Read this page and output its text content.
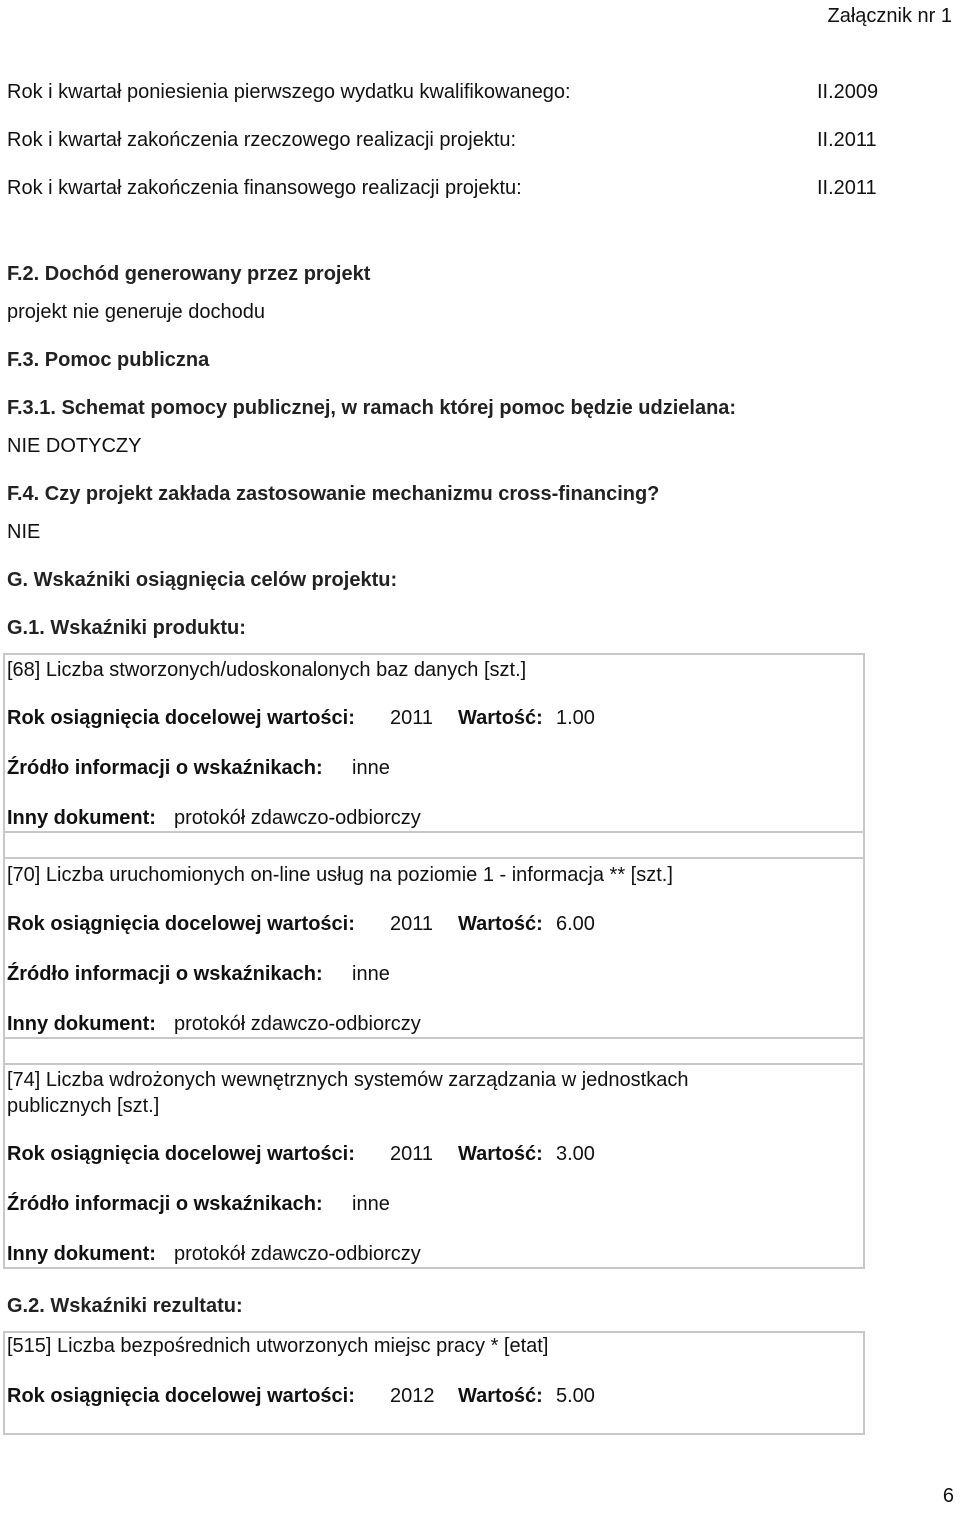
Załącznik nr 1
Rok i kwartał poniesienia pierwszego wydatku kwalifikowanego:	II.2009
Rok i kwartał zakończenia rzeczowego realizacji projektu:	II.2011
Rok i kwartał zakończenia finansowego realizacji projektu:	II.2011
F.2. Dochód generowany przez projekt
projekt nie generuje dochodu
F.3. Pomoc publiczna
F.3.1. Schemat pomocy publicznej, w ramach której pomoc będzie udzielana:
NIE DOTYCZY
F.4. Czy projekt zakłada zastosowanie mechanizmu cross-financing?
NIE
G. Wskaźniki osiągnięcia celów projektu:
G.1. Wskaźniki produktu:
[68] Liczba stworzonych/udoskonalonych baz danych [szt.]
Rok osiągnięcia docelowej wartości: 2011 Wartość: 1.00
Źródło informacji o wskaźnikach: inne
Inny dokument: protokół zdawczo-odbiorczy
[70] Liczba uruchomionych on-line usług na poziomie 1 - informacja ** [szt.]
Rok osiągnięcia docelowej wartości: 2011 Wartość: 6.00
Źródło informacji o wskaźnikach: inne
Inny dokument: protokół zdawczo-odbiorczy
[74] Liczba wdrożonych wewnętrznych systemów zarządzania w jednostkach
publicznych [szt.]
Rok osiągnięcia docelowej wartości: 2011 Wartość: 3.00
Źródło informacji o wskaźnikach: inne
Inny dokument: protokół zdawczo-odbiorczy
G.2. Wskaźniki rezultatu:
[515] Liczba bezpośrednich utworzonych miejsc pracy * [etat]
Rok osiągnięcia docelowej wartości: 2012 Wartość: 5.00
6
